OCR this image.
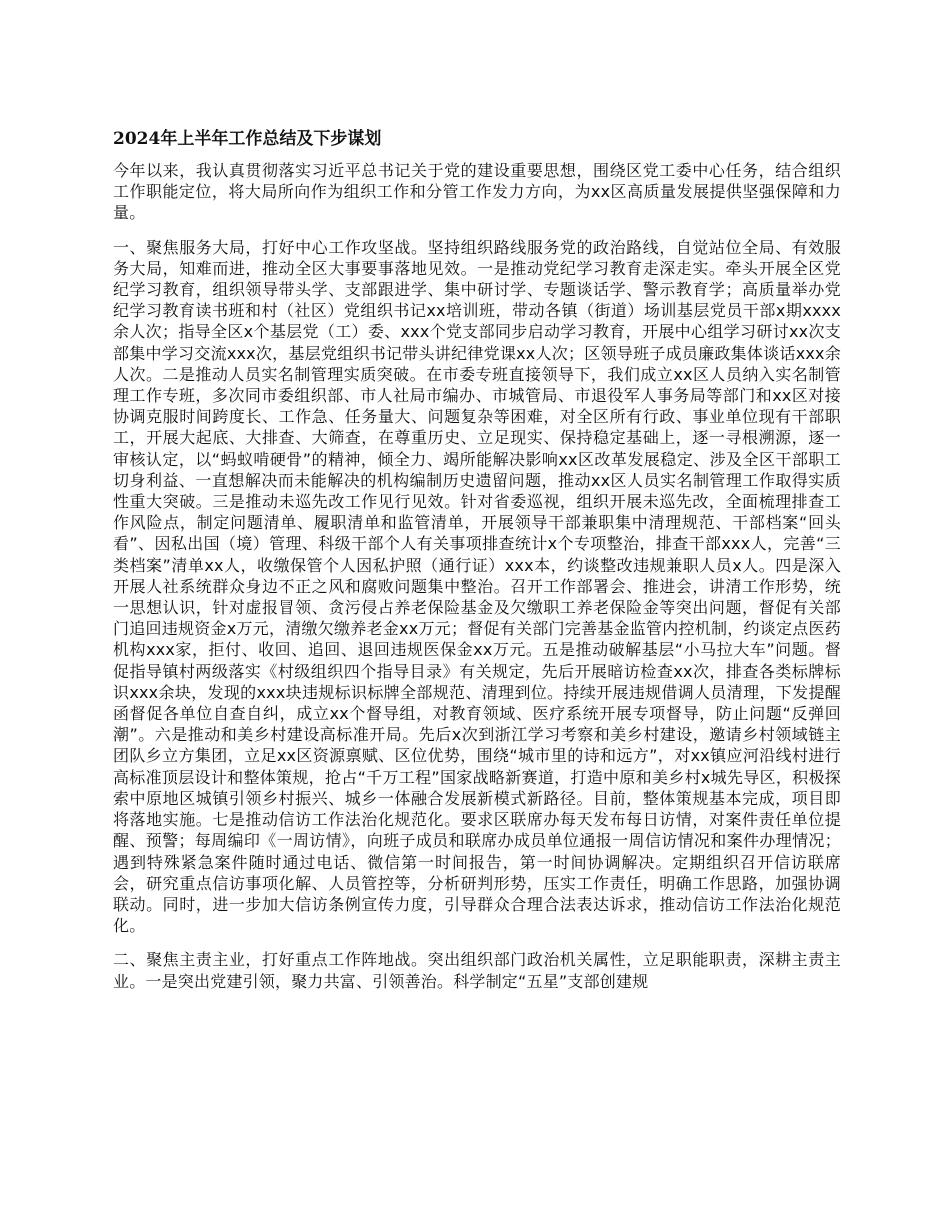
2024年上半年工作总结及下步谋划

今年以来，我认真贯彻落实习近平总书记关于党的建设重要思想，围绕区党工委中心任务，结合组织工作职能定位，将大局所向作为组织工作和分管工作发力方向，为xx区高质量发展提供坚强保障和力量。

一、聚焦服务大局，打好中心工作攻坚战。坚持组织路线服务党的政治路线，自觉站位全局、有效服务大局，知难而进，推动全区大事要事落地见效。一是推动党纪学习教育走深走实。牵头开展全区党纪学习教育，组织领导带头学、支部跟进学、集中研讨学、专题谈话学、警示教育学；高质量举办党纪学习教育读书班和村（社区）党组织书记xx培训班，带动各镇（街道）场训基层党员干部x期xxxx余人次；指导全区x个基层党（工）委、xxx个党支部同步启动学习教育，开展中心组学习研讨xx次支部集中学习交流xxx次，基层党组织书记带头讲纪律党课xx人次；区领导班子成员廉政集体谈话xxx余人次。二是推动人员实名制管理实质突破。在市委专班直接领导下，我们成立xx区人员纳入实名制管理工作专班，多次同市委组织部、市人社局市编办、市城管局、市退役军人事务局等部门和xx区对接协调克服时间跨度长、工作急、任务量大、问题复杂等困难，对全区所有行政、事业单位现有干部职工，开展大起底、大排查、大筛查，在尊重历史、立足现实、保持稳定基础上，逐一寻根溯源，逐一审核认定，以“蚂蚁啃硬骨”的精神，倾全力、竭所能解决影响xx区改革发展稳定、涉及全区干部职工切身利益、一直想解决而未能解决的机构编制历史遗留问题，推动xx区人员实名制管理工作取得实质性重大突破。三是推动未巡先改工作见行见效。针对省委巡视，组织开展未巡先改，全面梳理排查工作风险点，制定问题清单、履职清单和监管清单，开展领导干部兼职集中清理规范、干部档案“回头看”、因私出国（境）管理、科级干部个人有关事项排查统计x个专项整治，排查干部xxx人，完善“三类档案”清单xx人，收缴保管个人因私护照（通行证）xxx本，约谈整改违规兼职人员x人。四是深入开展人社系统群众身边不正之风和腐败问题集中整治。召开工作部署会、推进会，讲清工作形势，统一思想认识，针对虚报冒领、贪污侵占养老保险基金及欠缴职工养老保险金等突出问题，督促有关部门追回违规资金x万元，清缴欠缴养老金xx万元；督促有关部门完善基金监管内控机制，约谈定点医药机构xxx家，拒付、收回、追回、退回违规医保金xx万元。五是推动破解基层“小马拉大车”问题。督促指导镇村两级落实《村级组织四个指导目录》有关规定，先后开展暗访检查xx次，排查各类标牌标识xxx余块，发现的xxx块违规标识标牌全部规范、清理到位。持续开展违规借调人员清理，下发提醒函督促各单位自查自纠，成立xx个督导组，对教育领域、医疗系统开展专项督导，防止问题“反弹回潮”。六是推动和美乡村建设高标准开局。先后x次到浙江学习考察和美乡村建设，邀请乡村领域链主团队乡立方集团，立足xx区资源禀赋、区位优势，围绕“城市里的诗和远方”，对xx镇应河沿线村进行高标准顶层设计和整体策规，抢占“千万工程”国家战略新赛道，打造中原和美乡村x城先导区，积极探索中原地区城镇引领乡村振兴、城乡一体融合发展新模式新路径。目前，整体策规基本完成，项目即将落地实施。七是推动信访工作法治化规范化。要求区联席办每天发布每日访情，对案件责任单位提醒、预警；每周编印《一周访情》，向班子成员和联席办成员单位通报一周信访情况和案件办理情况；遇到特殊紧急案件随时通过电话、微信第一时间报告，第一时间协调解决。定期组织召开信访联席会，研究重点信访事项化解、人员管控等，分析研判形势，压实工作责任，明确工作思路，加强协调联动。同时，进一步加大信访条例宣传力度，引导群众合理合法表达诉求，推动信访工作法治化规范化。

二、聚焦主责主业，打好重点工作阵地战。突出组织部门政治机关属性，立足职能职责，深耕主责主业。一是突出党建引领，聚力共富、引领善治。科学制定“五星”支部创建规
